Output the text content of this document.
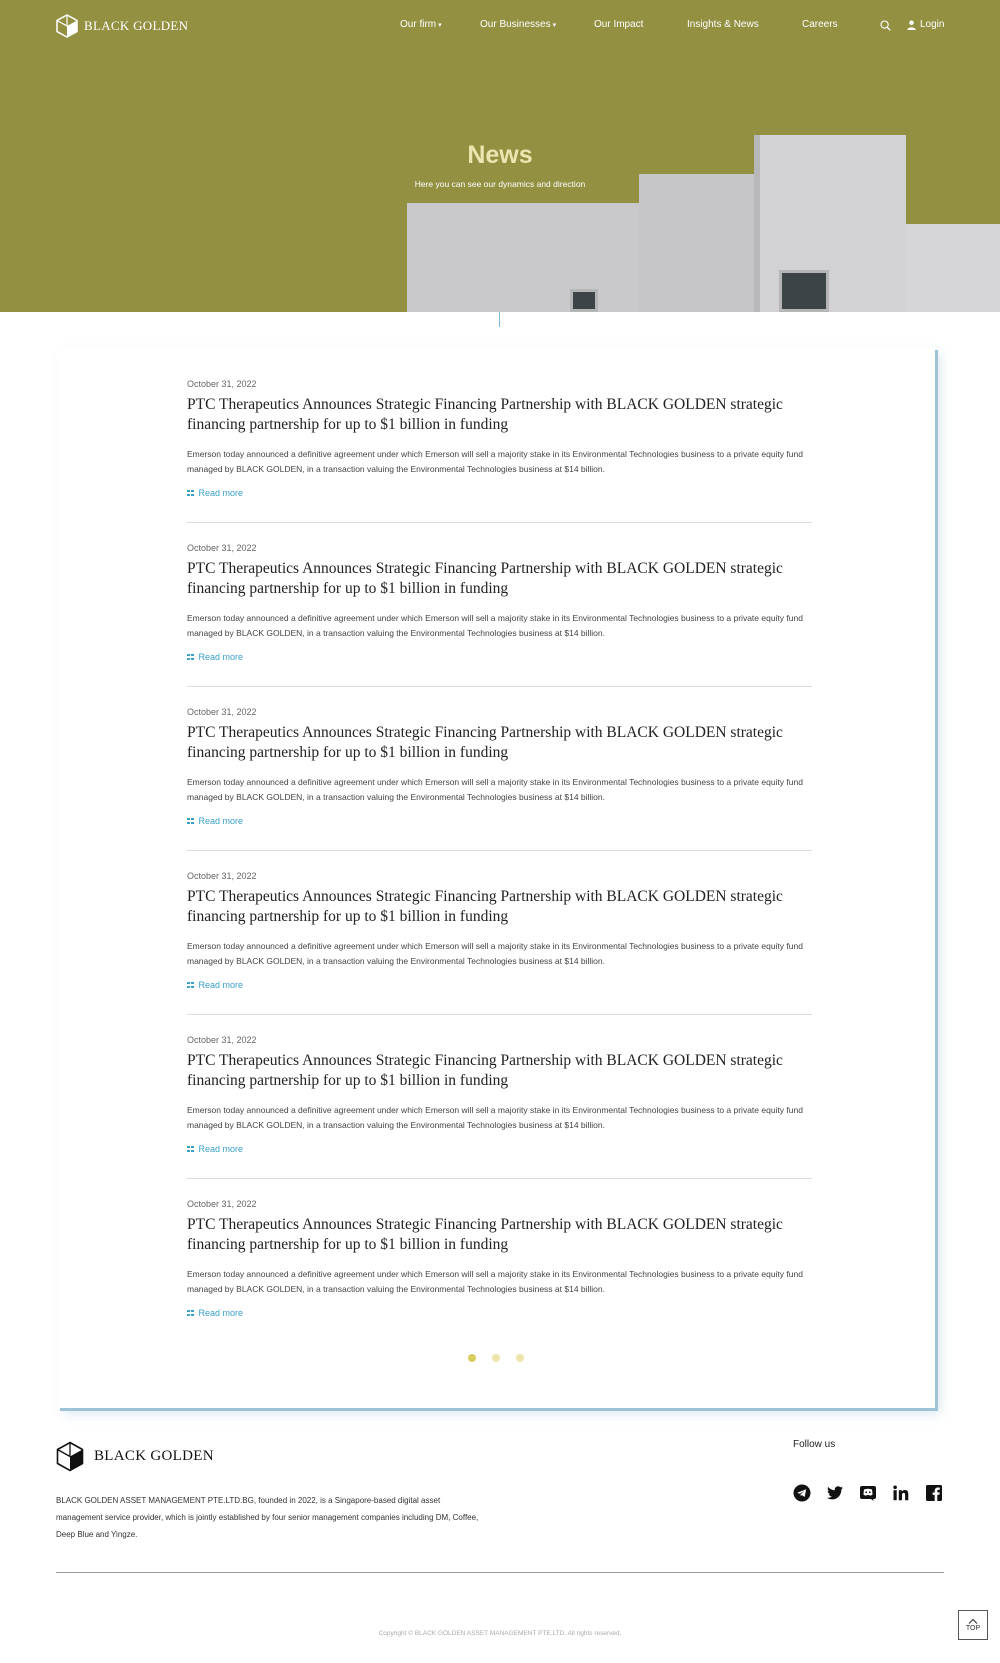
BLACK GOLDEN	Our firm ▾	Our Businesses ▾	Our Impact	Insights & News	Careers	Login
News
Here you can see our dynamics and direction
October 31, 2022
PTC Therapeutics Announces Strategic Financing Partnership with BLACK GOLDEN strategic financing partnership for up to $1 billion in funding
Emerson today announced a definitive agreement under which Emerson will sell a majority stake in its Environmental Technologies business to a private equity fund managed by BLACK GOLDEN, in a transaction valuing the Environmental Technologies business at $14 billion.
Read more
October 31, 2022
PTC Therapeutics Announces Strategic Financing Partnership with BLACK GOLDEN strategic financing partnership for up to $1 billion in funding
Emerson today announced a definitive agreement under which Emerson will sell a majority stake in its Environmental Technologies business to a private equity fund managed by BLACK GOLDEN, in a transaction valuing the Environmental Technologies business at $14 billion.
Read more
October 31, 2022
PTC Therapeutics Announces Strategic Financing Partnership with BLACK GOLDEN strategic financing partnership for up to $1 billion in funding
Emerson today announced a definitive agreement under which Emerson will sell a majority stake in its Environmental Technologies business to a private equity fund managed by BLACK GOLDEN, in a transaction valuing the Environmental Technologies business at $14 billion.
Read more
October 31, 2022
PTC Therapeutics Announces Strategic Financing Partnership with BLACK GOLDEN strategic financing partnership for up to $1 billion in funding
Emerson today announced a definitive agreement under which Emerson will sell a majority stake in its Environmental Technologies business to a private equity fund managed by BLACK GOLDEN, in a transaction valuing the Environmental Technologies business at $14 billion.
Read more
October 31, 2022
PTC Therapeutics Announces Strategic Financing Partnership with BLACK GOLDEN strategic financing partnership for up to $1 billion in funding
Emerson today announced a definitive agreement under which Emerson will sell a majority stake in its Environmental Technologies business to a private equity fund managed by BLACK GOLDEN, in a transaction valuing the Environmental Technologies business at $14 billion.
Read more
October 31, 2022
PTC Therapeutics Announces Strategic Financing Partnership with BLACK GOLDEN strategic financing partnership for up to $1 billion in funding
Emerson today announced a definitive agreement under which Emerson will sell a majority stake in its Environmental Technologies business to a private equity fund managed by BLACK GOLDEN, in a transaction valuing the Environmental Technologies business at $14 billion.
Read more
BLACK GOLDEN
BLACK GOLDEN ASSET MANAGEMENT PTE.LTD.BG, founded in 2022, is a Singapore-based digital asset management service provider, which is jointly established by four senior management companies including DM, Coffee, Deep Blue and Yingze.
Follow us
Copyright © BLACK GOLDEN ASSET MANAGEMENT PTE.LTD. All rights reserved.
TOP
